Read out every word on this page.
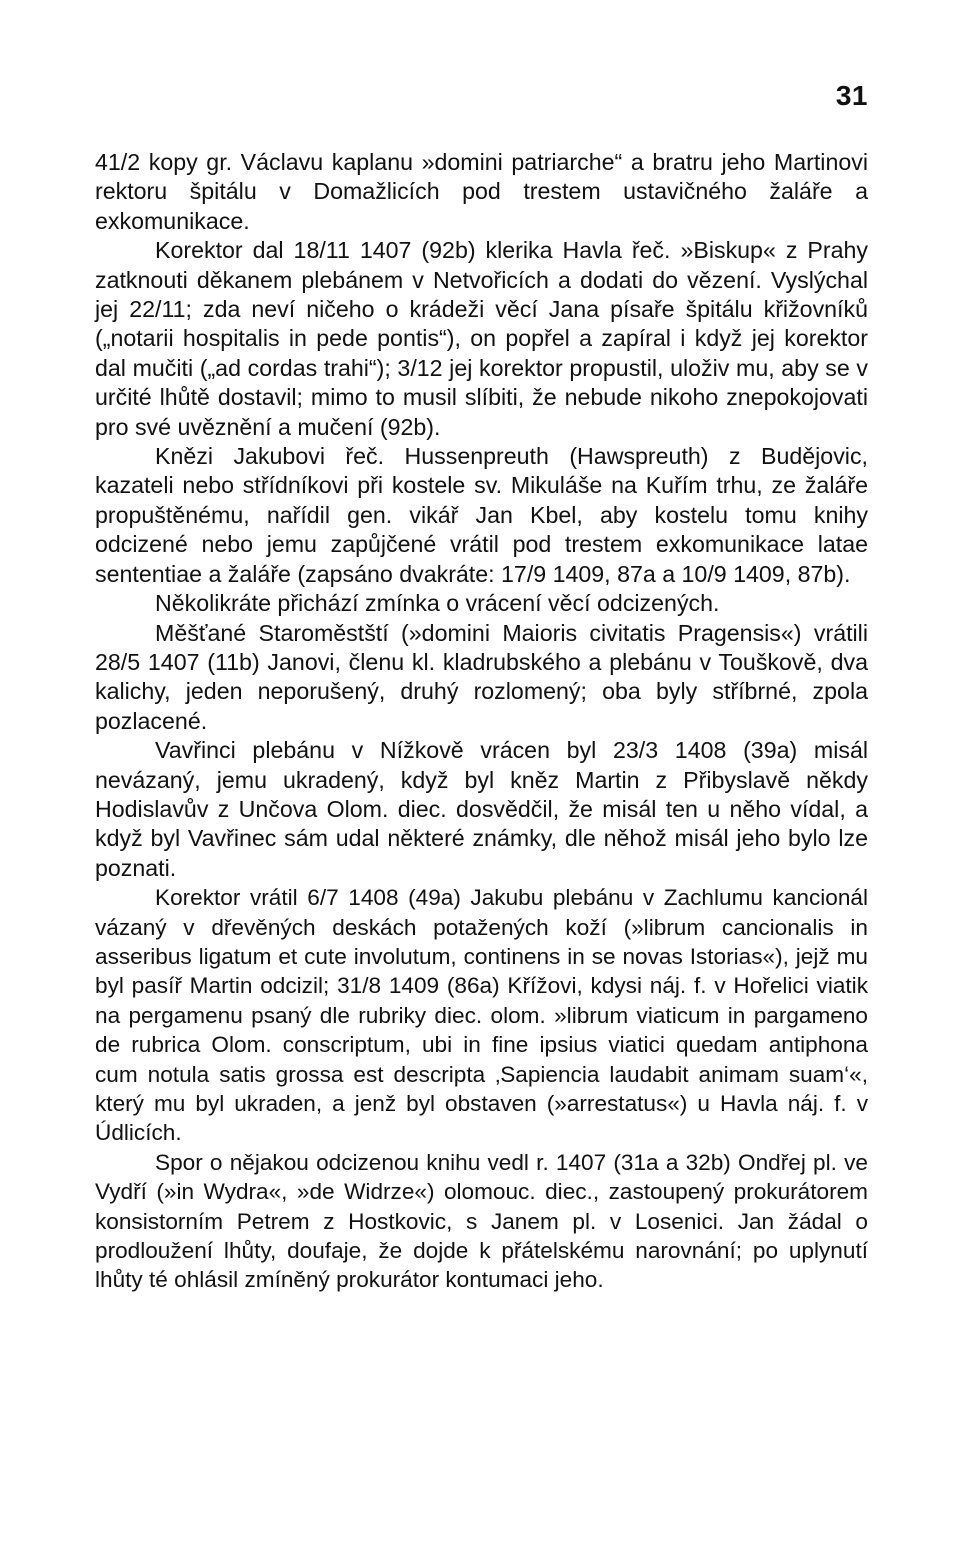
31

41/2 kopy gr. Václavu kaplanu »domini patriarche“ a bratru jeho Martinovi rektoru špitálu v Domažlicích pod trestem ustavičného žaláře a exkomunikace.

Korektor dal 18/11 1407 (92b) klerika Havla řeč. »Biskup« z Prahy zatknouti děkanem plebánem v Netvořicích a dodati do vězení. Vyslýchal jej 22/11; zda neví ničeho o krádeži věcí Jana písaře špitálu křižovníků („notarii hospitalis in pede pontis“), on popřel a zapíral i když jej korektor dal mučiti („ad cordas trahi“); 3/12 jej korektor propustil, uloživ mu, aby se v určité lhůtě dostavil; mimo to musil slíbiti, že nebude nikoho znepokojovati pro své uvěznění a mučení (92b).

Knězi Jakubovi řeč. Hussenpreuth (Hawspreuth) z Budějovic, kazateli nebo střídníkovi při kostele sv. Mikuláše na Kuřím trhu, ze žaláře propuštěnému, nařídil gen. vikář Jan Kbel, aby kostelu tomu knihy odcizené nebo jemu zapůjčené vrátil pod trestem exkomunikace latae sententiae a žaláře (zapsáno dvakráte: 17/9 1409, 87a a 10/9 1409, 87b).

Několikráte přichází zmínka o vrácení věcí odcizených.

Měšťané Staroměstští (»domini Maioris civitatis Pragensis«) vrátili 28/5 1407 (11b) Janovi, členu kl. kladrubského a plebánu v Touškově, dva kalichy, jeden neporušený, druhý rozlomený; oba byly stříbrné, zpola pozlacené.

Vavřinci plebánu v Nížkově vrácen byl 23/3 1408 (39a) misál nevázaný, jemu ukradený, když byl kněz Martin z Přibyslavě někdy Hodislavův z Unčova Olom. diec. dosvědčil, že misál ten u něho vídal, a když byl Vavřinec sám udal některé známky, dle něhož misál jeho bylo lze poznati.

Korektor vrátil 6/7 1408 (49a) Jakubu plebánu v Zachlumu kancionál vázaný v dřevěných deskách potažených koží (»librum cancionalis in asseribus ligatum et cute involutum, continens in se novas Istorias«), jejž mu byl pasíř Martin odcizil; 31/8 1409 (86a) Křížovi, kdysi náj. f. v Hořelici viatik na pergamenu psaný dle rubriky diec. olom. »librum viaticum in pargameno de rubrica Olom. conscriptum, ubi in fine ipsius viatici quedam antiphona cum notula satis grossa est descripta ‚Sapiencia laudabit animam suam‘«, který mu byl ukraden, a jenž byl obstaven (»arrestatus«) u Havla náj. f. v Údlicích.

Spor o nějakou odcizenou knihu vedl r. 1407 (31a a 32b) Ondřej pl. ve Vydří (»in Wydra«, »de Widrze«) olomouc. diec., zastoupený prokurátorem konsistorním Petrem z Hostkovic, s Janem pl. v Losenici. Jan žádal o prodloužení lhůty, doufaje, že dojde k přátelskému narovnání; po uplynutí lhůty té ohlásil zmíněný prokurátor kontumaci jeho.
